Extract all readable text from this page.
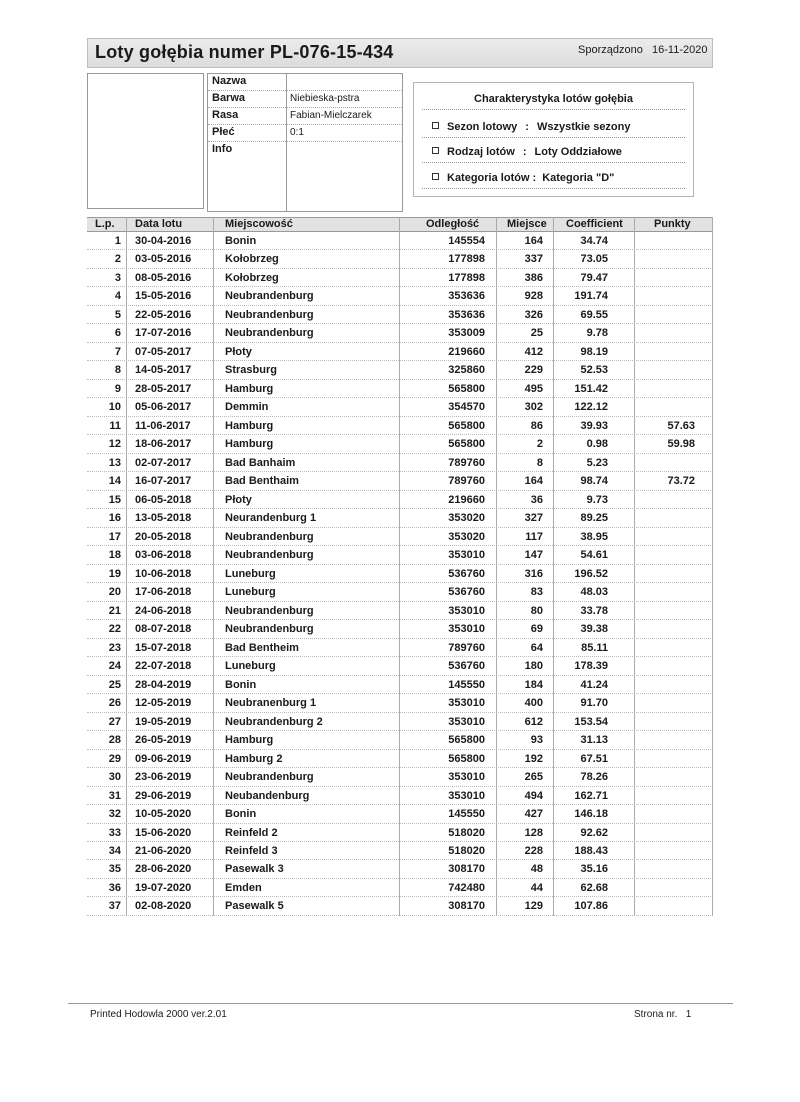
Loty gołębia numer PL-076-15-434	Sporządzono 16-11-2020
Nazwa
Barwa	Niebieska-pstra
Rasa	Fabian-Mielczarek
Płeć	0:1
Info
Charakterystyka lotów gołębia
Sezon lotowy : Wszystkie sezony
Rodzaj lotów : Loty Oddziałowe
Kategoria lotów : Kategoria "D"
L.p. Data lotu	Miejscowość	Odległość	Miejsce Coefficient	Punkty
1 30-04-2016	Bonin	145554	164	34.74
2 03-05-2016	Kołobrzeg	177898	337	73.05
3 08-05-2016	Kołobrzeg	177898	386	79.47
4 15-05-2016	Neubrandenburg	353636	928	191.74
5 22-05-2016	Neubrandenburg	353636	326	69.55
6 17-07-2016	Neubrandenburg	353009	25	9.78
7 07-05-2017	Płoty	219660	412	98.19
8 14-05-2017	Strasburg	325860	229	52.53
9 28-05-2017	Hamburg	565800	495	151.42
10 05-06-2017	Demmin	354570	302	122.12
11 11-06-2017	Hamburg	565800	86	39.93	57.63
12 18-06-2017	Hamburg	565800	2	0.98	59.98
13 02-07-2017	Bad Banhaim	789760	8	5.23
14 16-07-2017	Bad Benthaim	789760	164	98.74	73.72
15 06-05-2018	Płoty	219660	36	9.73
16 13-05-2018	Neurandenburg 1	353020	327	89.25
17 20-05-2018	Neubrandenburg	353020	117	38.95
18 03-06-2018	Neubrandenburg	353010	147	54.61
19 10-06-2018	Luneburg	536760	316	196.52
20 17-06-2018	Luneburg	536760	83	48.03
21 24-06-2018	Neubrandenburg	353010	80	33.78
22 08-07-2018	Neubrandenburg	353010	69	39.38
23 15-07-2018	Bad Bentheim	789760	64	85.11
24 22-07-2018	Luneburg	536760	180	178.39
25 28-04-2019	Bonin	145550	184	41.24
26 12-05-2019	Neubranenburg 1	353010	400	91.70
27 19-05-2019	Neubrandenburg 2	353010	612	153.54
28 26-05-2019	Hamburg	565800	93	31.13
29 09-06-2019	Hamburg 2	565800	192	67.51
30 23-06-2019	Neubrandenburg	353010	265	78.26
31 29-06-2019	Neubandenburg	353010	494	162.71
32 10-05-2020	Bonin	145550	427	146.18
33 15-06-2020	Reinfeld 2	518020	128	92.62
34 21-06-2020	Reinfeld 3	518020	228	188.43
35 28-06-2020	Pasewalk 3	308170	48	35.16
36 19-07-2020	Emden	742480	44	62.68
37 02-08-2020	Pasewalk 5	308170	129	107.86
Printed Hodowla 2000 ver.2.01	Strona nr. 1
